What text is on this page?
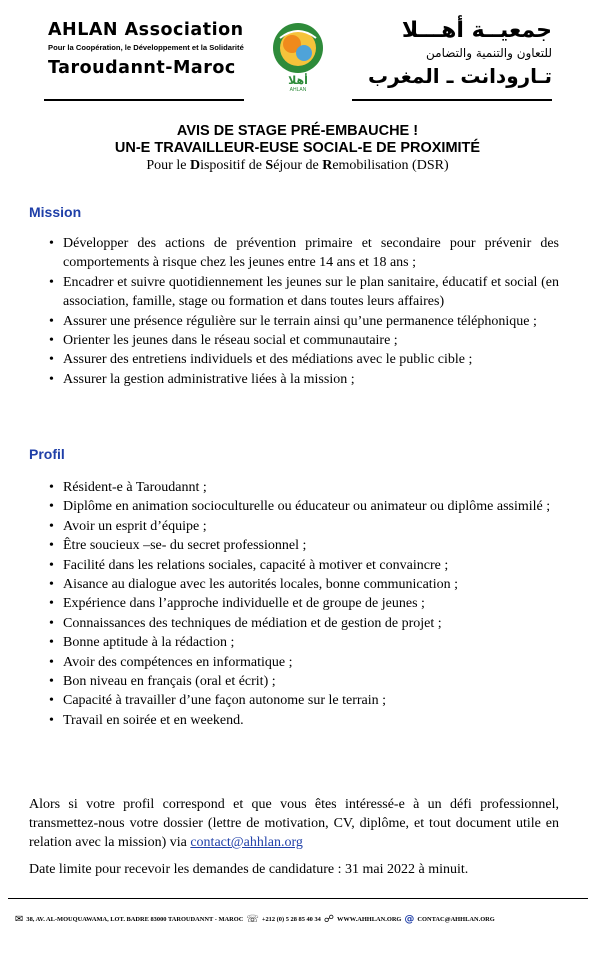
AHLAN Association
Pour la Coopération, le Développement et la Solidarité
Taroudannt-Maroc
أهلا
AHLAN
جمعيــة أهـــلا
للتعاون والتنمية والتضامن
تـارودانت ـ المغرب
AVIS DE STAGE PRÉ-EMBAUCHE !
UN-E TRAVAILLEUR-EUSE SOCIAL-E DE PROXIMITÉ
Pour le Dispositif de Séjour de Remobilisation (DSR)
Mission
• Développer des actions de prévention primaire et secondaire pour prévenir des comportements à risque chez les jeunes entre 14 ans et 18 ans ;
• Encadrer et suivre quotidiennement les jeunes sur le plan sanitaire, éducatif et social (en association, famille, stage ou formation et dans toutes leurs affaires)
• Assurer une présence régulière sur le terrain ainsi qu’une permanence téléphonique ;
• Orienter les jeunes dans le réseau social et communautaire ;
• Assurer des entretiens individuels et des médiations avec le public cible ;
• Assurer la gestion administrative liées à la mission ;
Profil
• Résident-e à Taroudannt ;
• Diplôme en animation socioculturelle ou éducateur ou animateur ou diplôme assimilé ;
• Avoir un esprit d’équipe ;
• Être soucieux –se- du secret professionnel ;
• Facilité dans les relations sociales, capacité à motiver et convaincre ;
• Aisance au dialogue avec les autorités locales, bonne communication ;
• Expérience dans l’approche individuelle et de groupe de jeunes ;
• Connaissances des techniques de médiation et de gestion de projet ;
• Bonne aptitude à la rédaction ;
• Avoir des compétences en informatique ;
• Bon niveau en français (oral et écrit) ;
• Capacité à travailler d’une façon autonome sur le terrain ;
• Travail en soirée et en weekend.
Alors si votre profil correspond et que vous êtes intéressé-e à un défi professionnel, transmettez-nous votre dossier (lettre de motivation, CV, diplôme, et tout document utile en relation avec la mission) via contact@ahhlan.org
Date limite pour recevoir les demandes de candidature : 31 mai 2022 à minuit.
✉ 38, AV. AL-MOUQUAWAMA, LOT. BADRE 83000 TAROUDANNT - MAROC ☏ +212 (0) 5 28 85 40 34 ☍ WWW.AHHLAN.ORG @ CONTAC@AHHLAN.ORG
